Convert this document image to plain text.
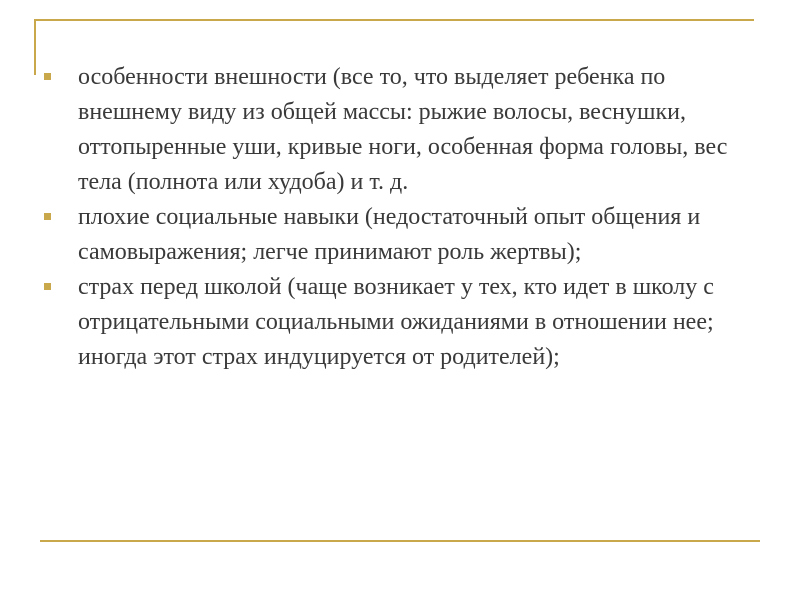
особенности внешности (все то, что выделяет ребенка по внешнему виду из общей массы: рыжие волосы, веснушки, оттопыренные уши, кривые ноги, особенная форма головы, вес тела (полнота или худоба) и т. д.
плохие социальные навыки (недостаточный опыт общения и самовыражения; легче принимают роль жертвы);
страх перед школой (чаще возникает у тех, кто идет в школу с отрицательными социальными ожиданиями в отношении нее; иногда этот страх индуцируется от родителей);
